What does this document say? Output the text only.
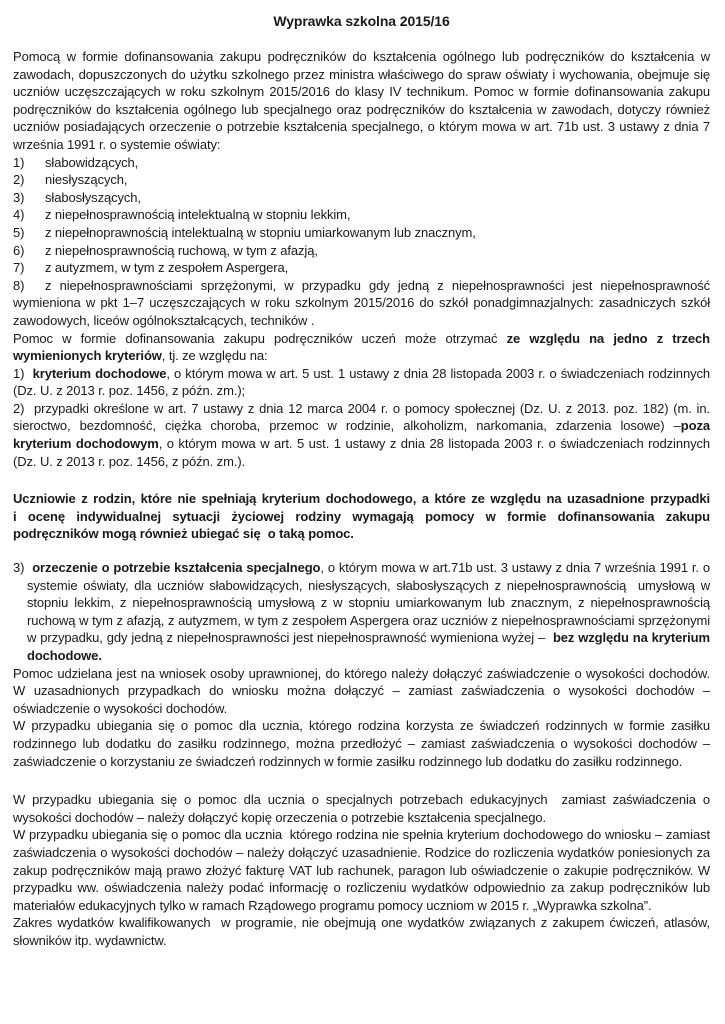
Wyprawka szkolna 2015/16

Pomocą w formie dofinansowania zakupu podręczników do kształcenia ogólnego lub podręczników do kształcenia w zawodach, dopuszczonych do użytku szkolnego przez ministra właściwego do spraw oświaty i wychowania, obejmuje się uczniów uczęszczających w roku szkolnym 2015/2016 do klasy IV technikum. Pomoc w formie dofinansowania zakupu podręczników do kształcenia ogólnego lub specjalnego oraz podręczników do kształcenia w zawodach, dotyczy również uczniów posiadających orzeczenie o potrzebie kształcenia specjalnego, o którym mowa w art. 71b ust. 3 ustawy z dnia 7 września 1991 r. o systemie oświaty:

1) słabowidzących,

2) niesłyszących,

3) słabosłyszących,

4) z niepełnosprawnością intelektualną w stopniu lekkim,

5) z niepełnoprawnością intelektualną w stopniu umiarkowanym lub znacznym,

6) z niepełnosprawnością ruchową, w tym z afazją,

7) z autyzmem, w tym z zespołem Aspergera,

8) z niepełnosprawnościami sprzężonymi, w przypadku gdy jedną z niepełnosprawności jest niepełnosprawność wymieniona w pkt 1–7 uczęszczających w roku szkolnym 2015/2016 do szkół ponadgimnazjalnych: zasadniczych szkół zawodowych, liceów ogólnokształcących, techników .

Pomoc w formie dofinansowania zakupu podręczników uczeń może otrzymać ze względu na jedno z trzech wymienionych kryteriów, tj. ze względu na:

1)  kryterium dochodowe, o którym mowa w art. 5 ust. 1 ustawy z dnia 28 listopada 2003 r. o świadczeniach rodzinnych (Dz. U. z 2013 r. poz. 1456, z późn. zm.);

2)  przypadki określone w art. 7 ustawy z dnia 12 marca 2004 r. o pomocy społecznej (Dz. U. z 2013. poz. 182) (m. in. sieroctwo, bezdomność, ciężka choroba, przemoc w rodzinie, alkoholizm, narkomania, zdarzenia losowe) –poza kryterium dochodowym, o którym mowa w art. 5 ust. 1 ustawy z dnia 28 listopada 2003 r. o świadczeniach rodzinnych (Dz. U. z 2013 r. poz. 1456, z późn. zm.).

Uczniowie z rodzin, które nie spełniają kryterium dochodowego, a które ze względu na uzasadnione przypadki i ocenę indywidualnej sytuacji życiowej rodziny wymagają pomocy w formie dofinansowania zakupu podręczników mogą również ubiegać się  o taką pomoc.

3)  orzeczenie o potrzebie kształcenia specjalnego, o którym mowa w art.71b ust. 3 ustawy z dnia 7 września 1991 r. o systemie oświaty, dla uczniów słabowidzących, niesłyszących, słabosłyszących z niepełnosprawnością  umysłową w stopniu lekkim, z niepełnosprawnością umysłową z w stopniu umiarkowanym lub znacznym, z niepełnosprawnością ruchową w tym z afazją, z autyzmem, w tym z zespołem Aspergera oraz uczniów z niepełnosprawnościami sprzężonymi w przypadku, gdy jedną z niepełnosprawności jest niepełnosprawność wymieniona wyżej –  bez względu na kryterium dochodowe.

Pomoc udzielana jest na wniosek osoby uprawnionej, do którego należy dołączyć zaświadczenie o wysokości dochodów. W uzasadnionych przypadkach do wniosku można dołączyć – zamiast zaświadczenia o wysokości dochodów – oświadczenie o wysokości dochodów.

W przypadku ubiegania się o pomoc dla ucznia, którego rodzina korzysta ze świadczeń rodzinnych w formie zasiłku rodzinnego lub dodatku do zasiłku rodzinnego, można przedłożyć – zamiast zaświadczenia o wysokości dochodów – zaświadczenie o korzystaniu ze świadczeń rodzinnych w formie zasiłku rodzinnego lub dodatku do zasiłku rodzinnego.

W przypadku ubiegania się o pomoc dla ucznia o specjalnych potrzebach edukacyjnych  zamiast zaświadczenia o wysokości dochodów – należy dołączyć kopię orzeczenia o potrzebie kształcenia specjalnego.

W przypadku ubiegania się o pomoc dla ucznia  którego rodzina nie spełnia kryterium dochodowego do wniosku – zamiast zaświadczenia o wysokości dochodów – należy dołączyć uzasadnienie. Rodzice do rozliczenia wydatków poniesionych za zakup podręczników mają prawo złożyć fakturę VAT lub rachunek, paragon lub oświadczenie o zakupie podręczników. W przypadku ww. oświadczenia należy podać informację o rozliczeniu wydatków odpowiednio za zakup podręczników lub materiałów edukacyjnych tylko w ramach Rządowego programu pomocy uczniom w 2015 r. „Wyprawka szkolna”.

Zakres wydatków kwalifikowanych  w programie, nie obejmują one wydatków związanych z zakupem ćwiczeń, atlasów, słowników itp. wydawnictw.
